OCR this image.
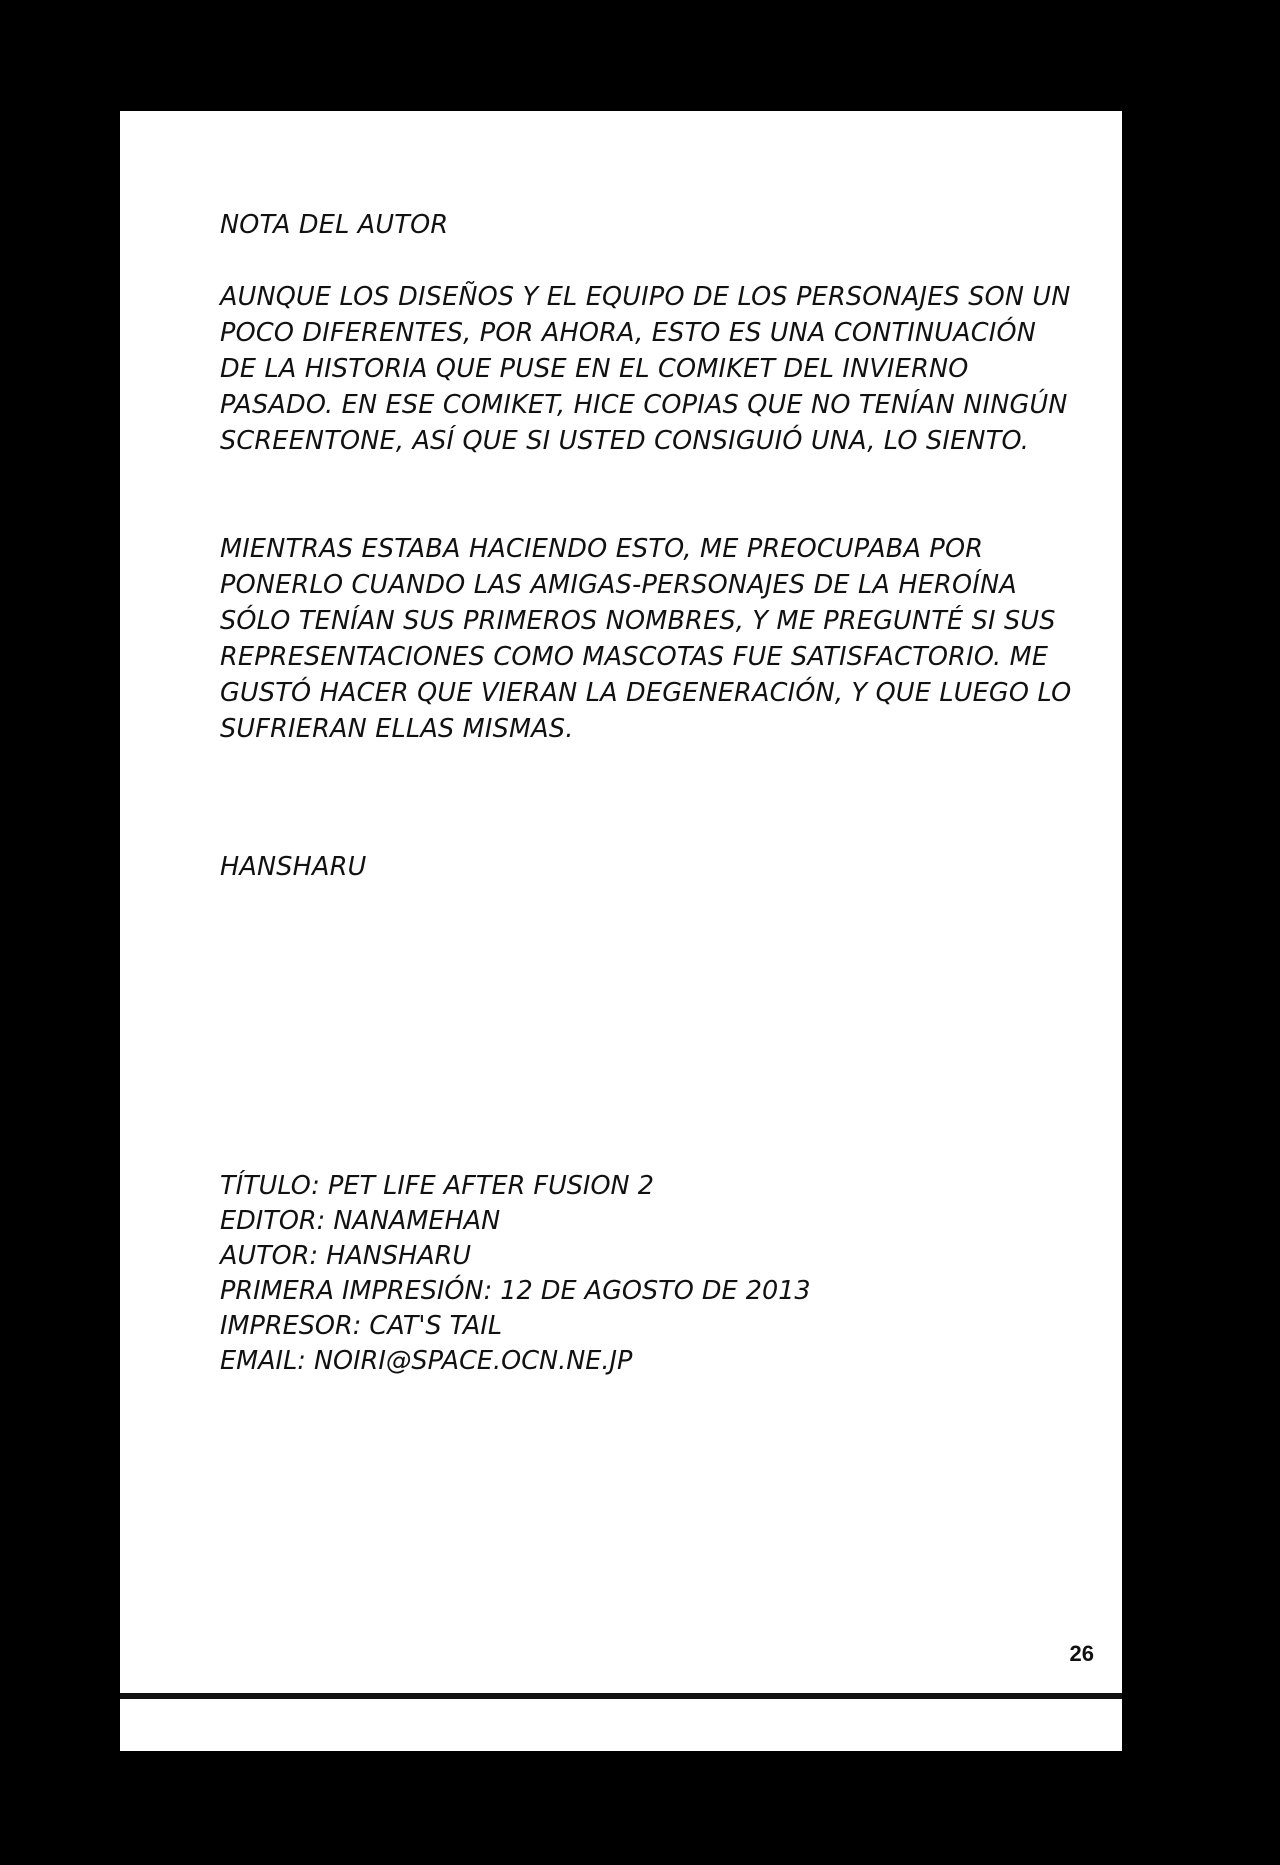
NOTA DEL AUTOR
AUNQUE LOS DISEÑOS Y EL EQUIPO DE LOS PERSONAJES SON UN POCO DIFERENTES, POR AHORA, ESTO ES UNA CONTINUACIÓN DE LA HISTORIA QUE PUSE EN EL COMIKET DEL INVIERNO PASADO. EN ESE COMIKET, HICE COPIAS QUE NO TENÍAN NINGÚN SCREENTONE, ASÍ QUE SI USTED CONSIGUIÓ UNA, LO SIENTO.
MIENTRAS ESTABA HACIENDO ESTO, ME PREOCUPABA POR PONERLO CUANDO LAS AMIGAS-PERSONAJES DE LA HEROÍNA SÓLO TENÍAN SUS PRIMEROS NOMBRES, Y ME PREGUNTÉ SI SUS REPRESENTACIONES COMO MASCOTAS FUE SATISFACTORIO. ME GUSTÓ HACER QUE VIERAN LA DEGENERACIÓN, Y QUE LUEGO LO SUFRIERAN ELLAS MISMAS.
HANSHARU
TÍTULO: PET LIFE AFTER FUSION 2
EDITOR: NANAMEHAN
AUTOR: HANSHARU
PRIMERA IMPRESIÓN: 12 DE AGOSTO DE 2013
IMPRESOR: CAT'S TAIL
EMAIL: NOIRI@SPACE.OCN.NE.JP
26
